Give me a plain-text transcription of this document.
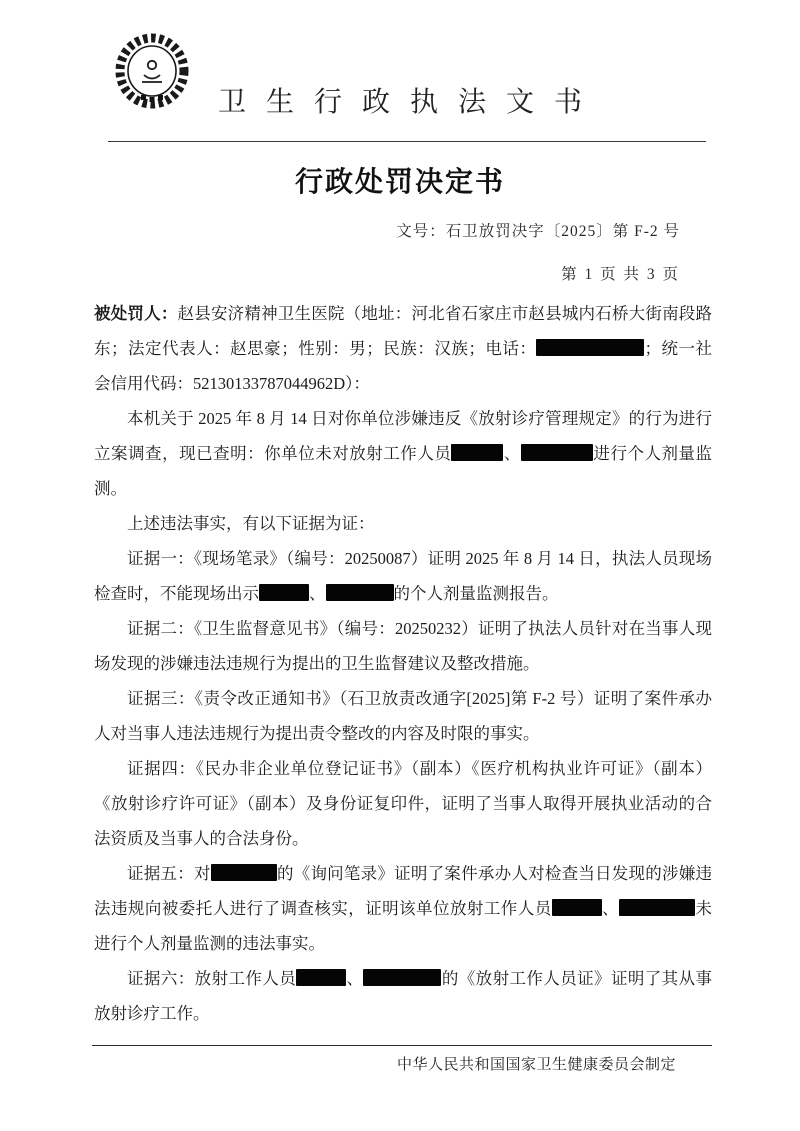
卫生行政执法文书
行政处罚决定书
文号：石卫放罚决字〔2025〕第 F-2 号
第 1 页 共 3 页

被处罚人：赵县安济精神卫生医院（地址：河北省石家庄市赵县城内石桥大街南段路东；法定代表人：赵思豪；性别：男；民族：汉族；电话：	；统一社会信用代码：52130133787044962D）：

本机关于 2025 年 8 月 14 日对你单位涉嫌违反《放射诊疗管理规定》的行为进行立案调查，现已查明：你单位未对放射工作人员	、	进行个人剂量监测。

上述违法事实，有以下证据为证：

证据一：《现场笔录》（编号：20250087）证明 2025 年 8 月 14 日，执法人员现场检查时，不能现场出示	、	的个人剂量监测报告。

证据二：《卫生监督意见书》（编号：20250232）证明了执法人员针对在当事人现场发现的涉嫌违法违规行为提出的卫生监督建议及整改措施。

证据三：《责令改正通知书》（石卫放责改通字[2025]第 F-2 号）证明了案件承办人对当事人违法违规行为提出责令整改的内容及时限的事实。

证据四：《民办非企业单位登记证书》（副本）《医疗机构执业许可证》（副本）《放射诊疗许可证》（副本）及身份证复印件，证明了当事人取得开展执业活动的合法资质及当事人的合法身份。

证据五：对	的《询问笔录》证明了案件承办人对检查当日发现的涉嫌违法违规向被委托人进行了调查核实，证明该单位放射工作人员	、	未进行个人剂量监测的违法事实。

证据六：放射工作人员	、	的《放射工作人员证》证明了其从事放射诊疗工作。

中华人民共和国国家卫生健康委员会制定
